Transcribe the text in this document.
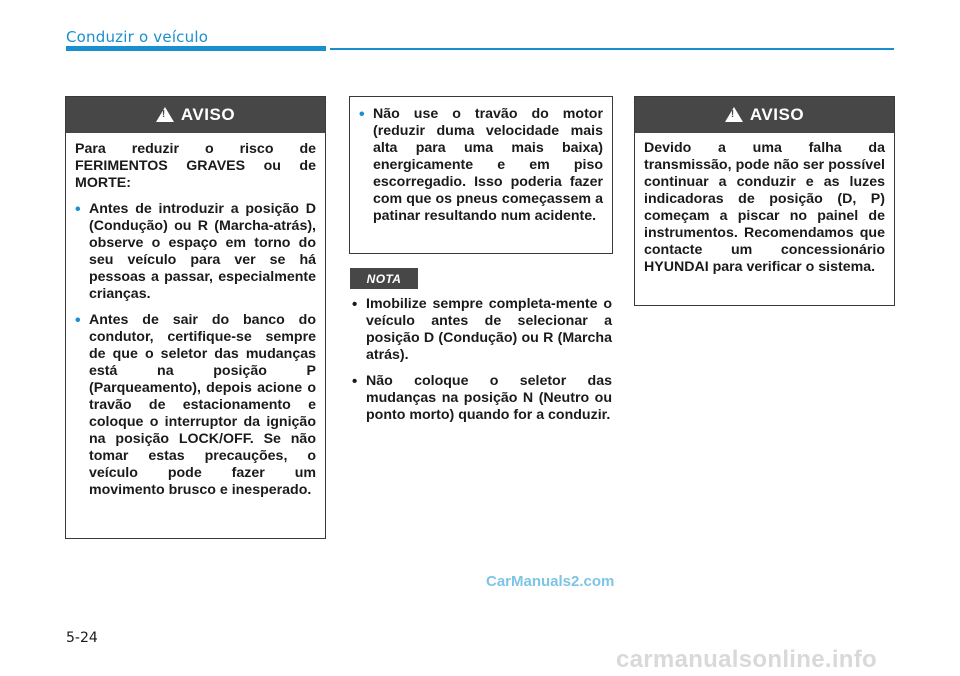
Conduzir o veículo
!
AVISO

Para reduzir o risco de FERIMENTOS GRAVES ou de MORTE:

• Antes de introduzir a posição D (Condução) ou R (Marcha-atrás), observe o espaço em torno do seu veículo para ver se há pessoas a passar, especialmente crianças.
• Antes de sair do banco do condutor, certifique-se sempre de que o seletor das mudanças está na posição P (Parqueamento), depois acione o travão de estacionamento e coloque o interruptor da ignição na posição LOCK/OFF. Se não tomar estas precauções, o veículo pode fazer um movimento brusco e inesperado.
• Não use o travão do motor (reduzir duma velocidade mais alta para uma mais baixa) energicamente e em piso escorregadio. Isso poderia fazer com que os pneus começassem a patinar resultando num acidente.
NOTA
• Imobilize sempre completa-mente o veículo antes de selecionar a posição D (Condução) ou R (Marcha atrás).
• Não coloque o seletor das mudanças na posição N (Neutro ou ponto morto) quando for a conduzir.
!
AVISO

Devido a uma falha da transmissão, pode não ser possível continuar a conduzir e as luzes indicadoras de posição (D, P) começam a piscar no painel de instrumentos. Recomendamos que contacte um concessionário HYUNDAI para verificar o sistema.

CarManuals2.com
5-24
carmanualsonline.info
